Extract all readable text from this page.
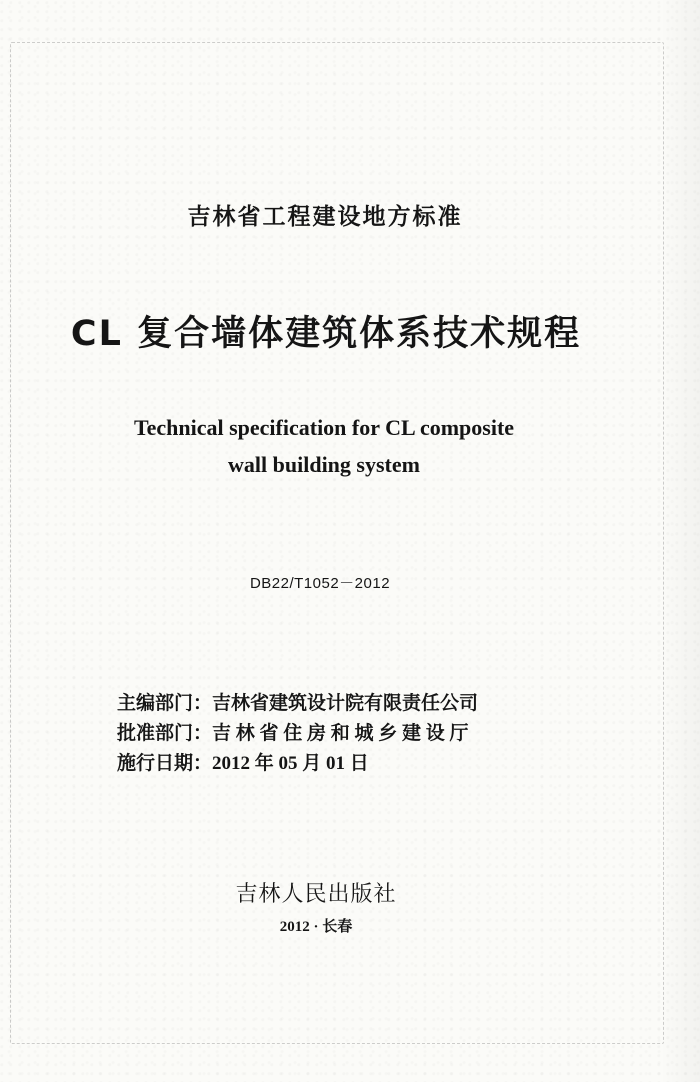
吉林省工程建设地方标准
CL 复合墙体建筑体系技术规程
Technical specification for CL composite
wall building system
DB22/T1052－2012
主编部门：吉林省建筑设计院有限责任公司
批准部门：吉 林 省 住 房 和 城 乡 建 设 厅
施行日期：2012 年 05 月 01 日
吉林人民出版社
2012 · 长春
